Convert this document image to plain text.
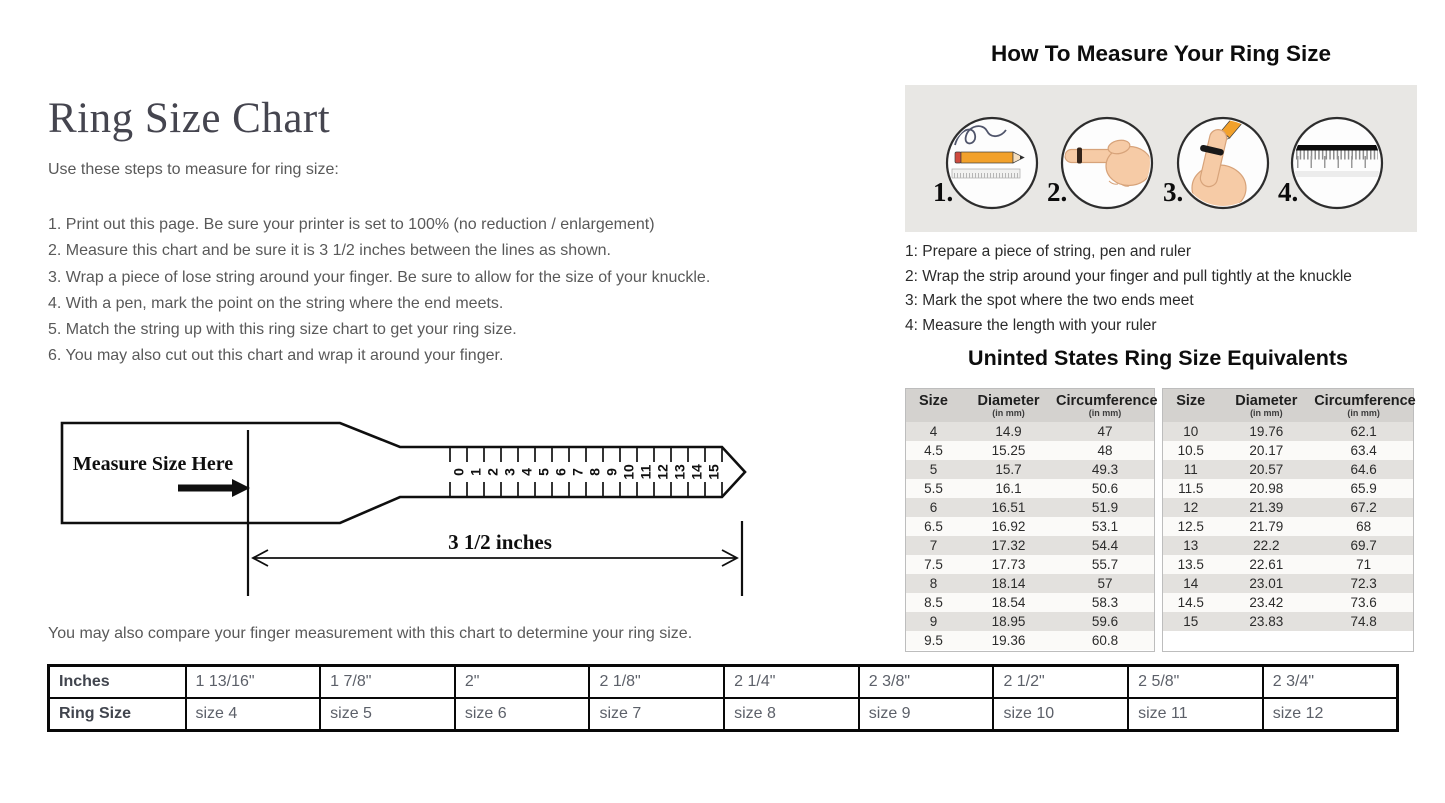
Ring Size Chart
Use these steps to measure for ring size:
1. Print out this page. Be sure your printer is set to 100% (no reduction / enlargement)
2. Measure this chart and be sure it is 3 1/2 inches between the lines as shown.
3. Wrap a piece of lose string around your finger. Be sure to allow for the size of your knuckle.
4. With a pen, mark the point on the string where the end meets.
5. Match the string up with this ring size chart to get your ring size.
6. You may also cut out this chart and wrap it around your finger.
Measure Size Here	0 1 2 3 4 5 6 7 8 9 10 11 12 13 14 15
3 1/2 inches
You may also compare your finger measurement with this chart to determine your ring size.
Inches	1 13/16"	1 7/8"	2"	2 1/8"	2 1/4"	2 3/8"	2 1/2"	2 5/8"	2 3/4"
Ring Size	size 4	size 5	size 6	size 7	size 8	size 9	size 10	size 11	size 12
How To Measure Your Ring Size
1.	2.	3.	4.
1: Prepare a piece of string, pen and ruler
2: Wrap the strip around your finger and pull tightly at the knuckle
3: Mark the spot where the two ends meet
4: Measure the length with your ruler
Uninted States Ring Size Equivalents
Size	Diameter
(in mm)

Circumference
(in mm)

4	14.9	47
4.5	15.25	48
5	15.7	49.3
5.5	16.1	50.6
6	16.51	51.9
6.5	16.92	53.1
7	17.32	54.4
7.5	17.73	55.7
8	18.14	57
8.5	18.54	58.3
9	18.95	59.6
9.5	19.36	60.8
Size	Diameter
(in mm)

Circumference
(in mm)

10	19.76	62.1
10.5	20.17	63.4
11	20.57	64.6
11.5	20.98	65.9
12	21.39	67.2
12.5	21.79	68
13	22.2	69.7
13.5	22.61	71
14	23.01	72.3
14.5	23.42	73.6
15	23.83	74.8
